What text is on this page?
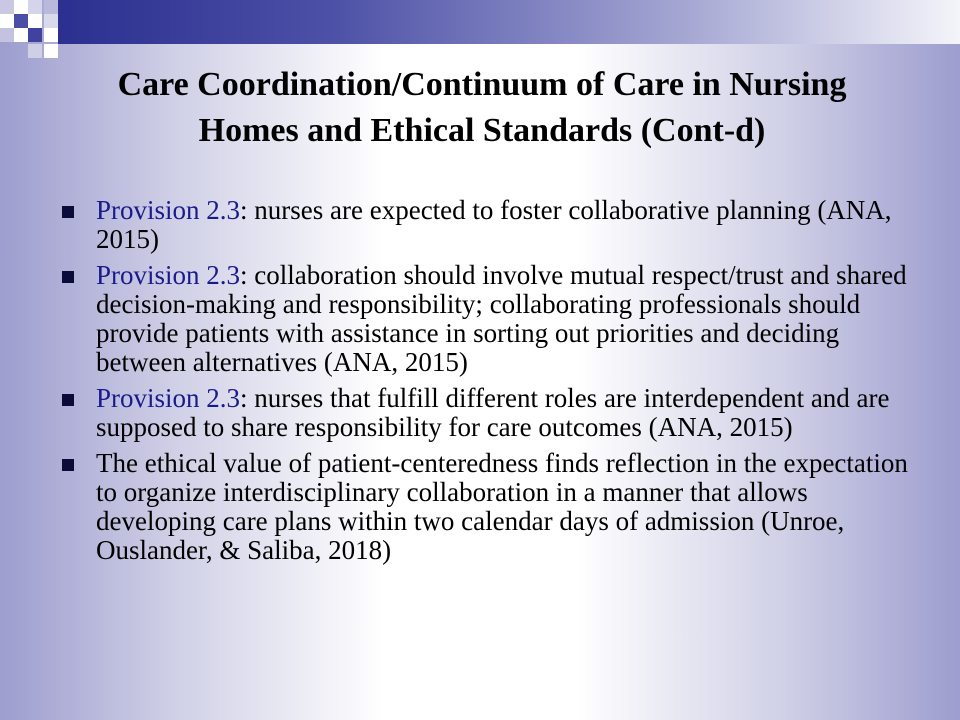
Care Coordination/Continuum of Care in Nursing
Homes and Ethical Standards (Cont-d)
Provision 2.3: nurses are expected to foster collaborative planning (ANA, 2015)
Provision 2.3: collaboration should involve mutual respect/trust and shared decision-making and responsibility; collaborating professionals should provide patients with assistance in sorting out priorities and deciding between alternatives (ANA, 2015)
Provision 2.3: nurses that fulfill different roles are interdependent and are supposed to share responsibility for care outcomes (ANA, 2015)
The ethical value of patient-centeredness finds reflection in the expectation to organize interdisciplinary collaboration in a manner that allows developing care plans within two calendar days of admission (Unroe, Ouslander, & Saliba, 2018)
